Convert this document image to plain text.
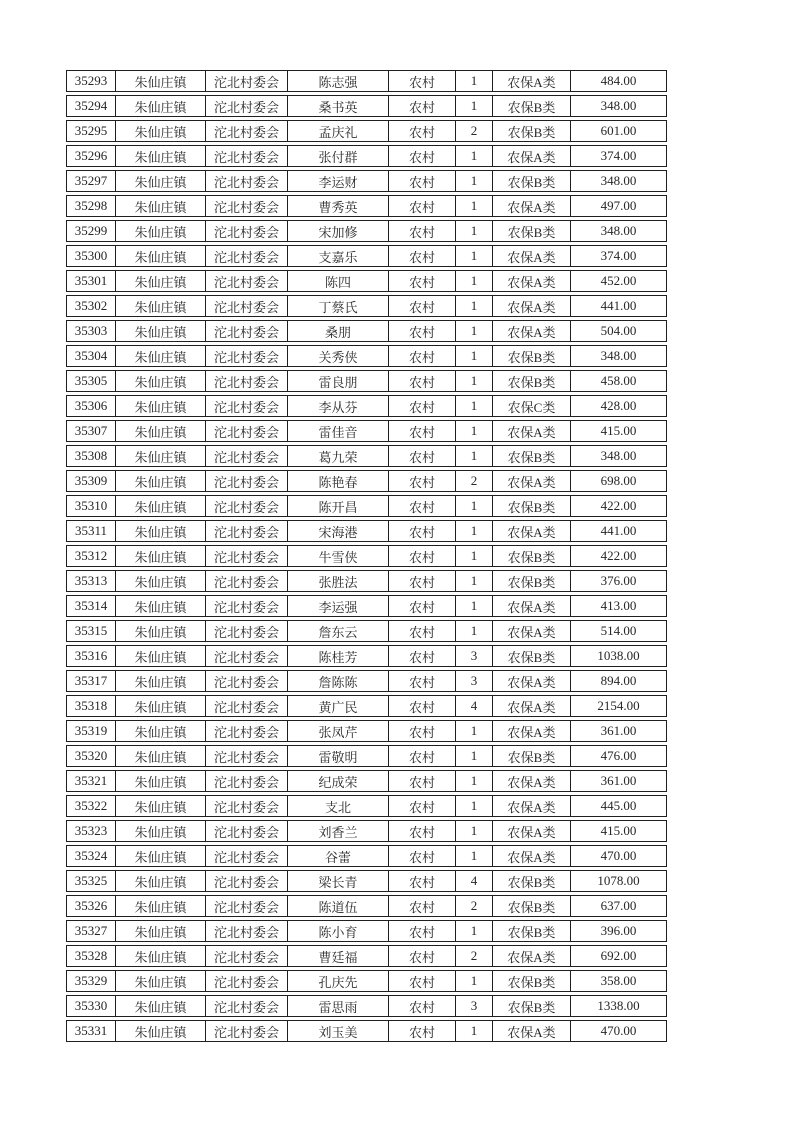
35293	朱仙庄镇	沱北村委会	陈志强	农村	1	农保A类	484.00
35294	朱仙庄镇	沱北村委会	桑书英	农村	1	农保B类	348.00
35295	朱仙庄镇	沱北村委会	孟庆礼	农村	2	农保B类	601.00
35296	朱仙庄镇	沱北村委会	张付群	农村	1	农保A类	374.00
35297	朱仙庄镇	沱北村委会	李运财	农村	1	农保B类	348.00
35298	朱仙庄镇	沱北村委会	曹秀英	农村	1	农保A类	497.00
35299	朱仙庄镇	沱北村委会	宋加修	农村	1	农保B类	348.00
35300	朱仙庄镇	沱北村委会	支嘉乐	农村	1	农保A类	374.00
35301	朱仙庄镇	沱北村委会	陈四	农村	1	农保A类	452.00
35302	朱仙庄镇	沱北村委会	丁蔡氏	农村	1	农保A类	441.00
35303	朱仙庄镇	沱北村委会	桑朋	农村	1	农保A类	504.00
35304	朱仙庄镇	沱北村委会	关秀侠	农村	1	农保B类	348.00
35305	朱仙庄镇	沱北村委会	雷良朋	农村	1	农保B类	458.00
35306	朱仙庄镇	沱北村委会	李从芬	农村	1	农保C类	428.00
35307	朱仙庄镇	沱北村委会	雷佳音	农村	1	农保A类	415.00
35308	朱仙庄镇	沱北村委会	葛九荣	农村	1	农保B类	348.00
35309	朱仙庄镇	沱北村委会	陈艳春	农村	2	农保A类	698.00
35310	朱仙庄镇	沱北村委会	陈开昌	农村	1	农保B类	422.00
35311	朱仙庄镇	沱北村委会	宋海港	农村	1	农保A类	441.00
35312	朱仙庄镇	沱北村委会	牛雪侠	农村	1	农保B类	422.00
35313	朱仙庄镇	沱北村委会	张胜法	农村	1	农保B类	376.00
35314	朱仙庄镇	沱北村委会	李运强	农村	1	农保A类	413.00
35315	朱仙庄镇	沱北村委会	詹东云	农村	1	农保A类	514.00
35316	朱仙庄镇	沱北村委会	陈桂芳	农村	3	农保B类	1038.00
35317	朱仙庄镇	沱北村委会	詹陈陈	农村	3	农保A类	894.00
35318	朱仙庄镇	沱北村委会	黄广民	农村	4	农保A类	2154.00
35319	朱仙庄镇	沱北村委会	张凤芹	农村	1	农保A类	361.00
35320	朱仙庄镇	沱北村委会	雷敬明	农村	1	农保B类	476.00
35321	朱仙庄镇	沱北村委会	纪成荣	农村	1	农保A类	361.00
35322	朱仙庄镇	沱北村委会	支北	农村	1	农保A类	445.00
35323	朱仙庄镇	沱北村委会	刘香兰	农村	1	农保A类	415.00
35324	朱仙庄镇	沱北村委会	谷蕾	农村	1	农保A类	470.00
35325	朱仙庄镇	沱北村委会	梁长青	农村	4	农保B类	1078.00
35326	朱仙庄镇	沱北村委会	陈道伍	农村	2	农保B类	637.00
35327	朱仙庄镇	沱北村委会	陈小育	农村	1	农保B类	396.00
35328	朱仙庄镇	沱北村委会	曹廷福	农村	2	农保A类	692.00
35329	朱仙庄镇	沱北村委会	孔庆先	农村	1	农保B类	358.00
35330	朱仙庄镇	沱北村委会	雷思雨	农村	3	农保B类	1338.00
35331	朱仙庄镇	沱北村委会	刘玉美	农村	1	农保A类	470.00
